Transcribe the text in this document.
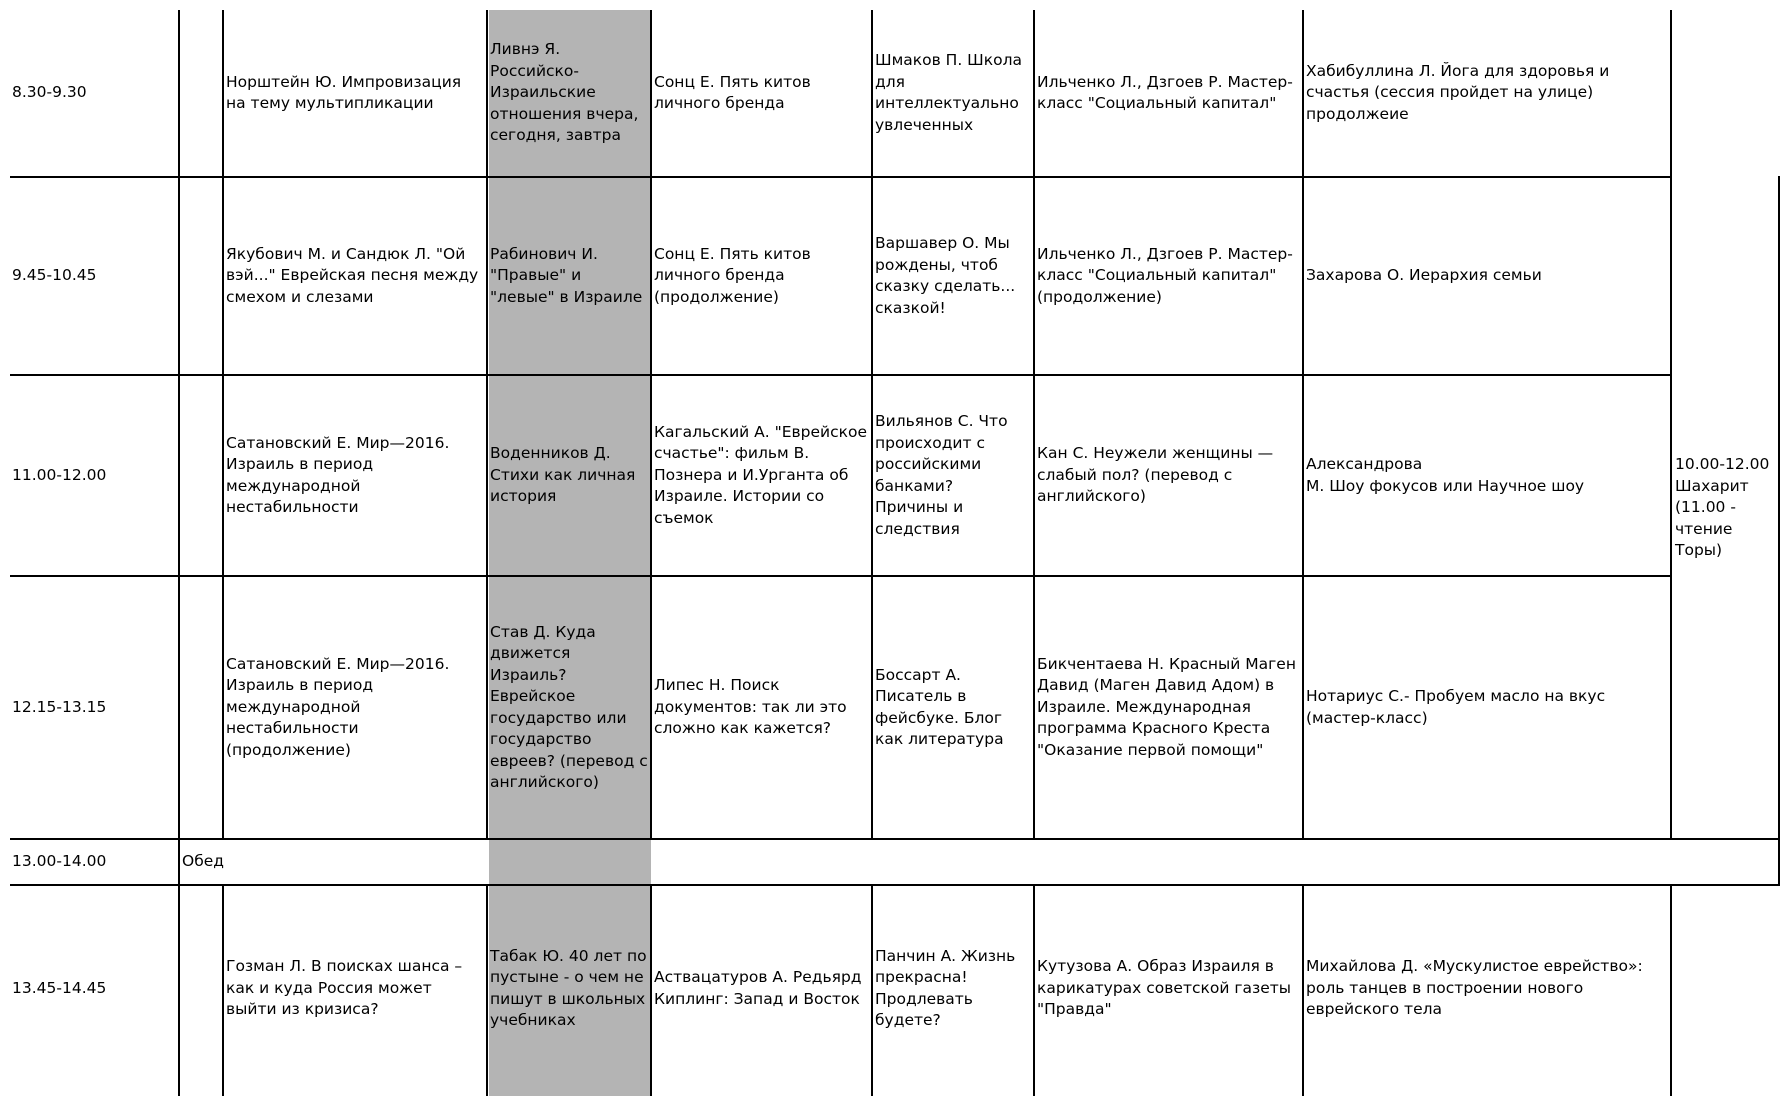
8.30-9.30
Норштейн Ю. Импровизация на тему мультипликации
Ливнэ Я. Российско-Израильские отношения вчера, сегодня, завтра
Сонц Е. Пять китов личного бренда
Шмаков П. Школа для интеллектуально увлеченных
Ильченко Л., Дзгоев Р. Мастер-класс "Социальный капитал"
Хабибуллина Л. Йога для здоровья и счастья (сессия пройдет на улице) продолжеие
9.45-10.45
Якубович М. и Сандюк Л. "Ой вэй..." Еврейская песня между смехом и слезами
Рабинович И. "Правые" и "левые" в Израиле
Сонц Е. Пять китов личного бренда (продолжение)
Варшавер О. Мы рождены, чтоб сказку сделать... сказкой!
Ильченко Л., Дзгоев Р. Мастер-класс "Социальный капитал" (продолжение)
Захарова О. Иерархия семьи
11.00-12.00
Сатановский Е. Мир—2016. Израиль в период международной нестабильности
Воденников Д. Стихи как личная история
Кагальский А. "Еврейское счастье": фильм В. Познера и И.Урганта об Израиле. Истории со съемок
Вильянов С. Что происходит с российскими банками? Причины и следствия
Кан С. Неужели женщины — слабый пол? (перевод с английского)
Александрова
М. Шоу фокусов или Научное шоу
12.15-13.15
Сатановский Е. Мир—2016. Израиль в период международной нестабильности (продолжение)
Став Д. Куда движется Израиль? Еврейское государство или государство евреев? (перевод с английского)
Липес Н. Поиск документов: так ли это сложно как кажется?
Боссарт А. Писатель в фейсбуке. Блог как литература
Бикчентаева Н. Красный Маген Давид (Маген Давид Адом) в Израиле. Международная программа Красного Креста "Оказание первой помощи"
Нотариус С.- Пробуем масло на вкус (мастер-класс)
13.00-14.00	Обед
13.45-14.45
Гозман Л. В поисках шанса – как и куда Россия может выйти из кризиса?
Табак Ю. 40 лет по пустыне - о чем не пишут в школьных учебниках
Аствацатуров А. Редьярд Киплинг: Запад и Восток
Панчин А. Жизнь прекрасна! Продлевать будете?
Кутузова А. Образ Израиля в карикатурах советской газеты "Правда"
Михайлова Д. «Мускулистое еврейство»: роль танцев в построении нового еврейского тела
10.00-12.00
Шахарит
(11.00 -
чтение Торы)
